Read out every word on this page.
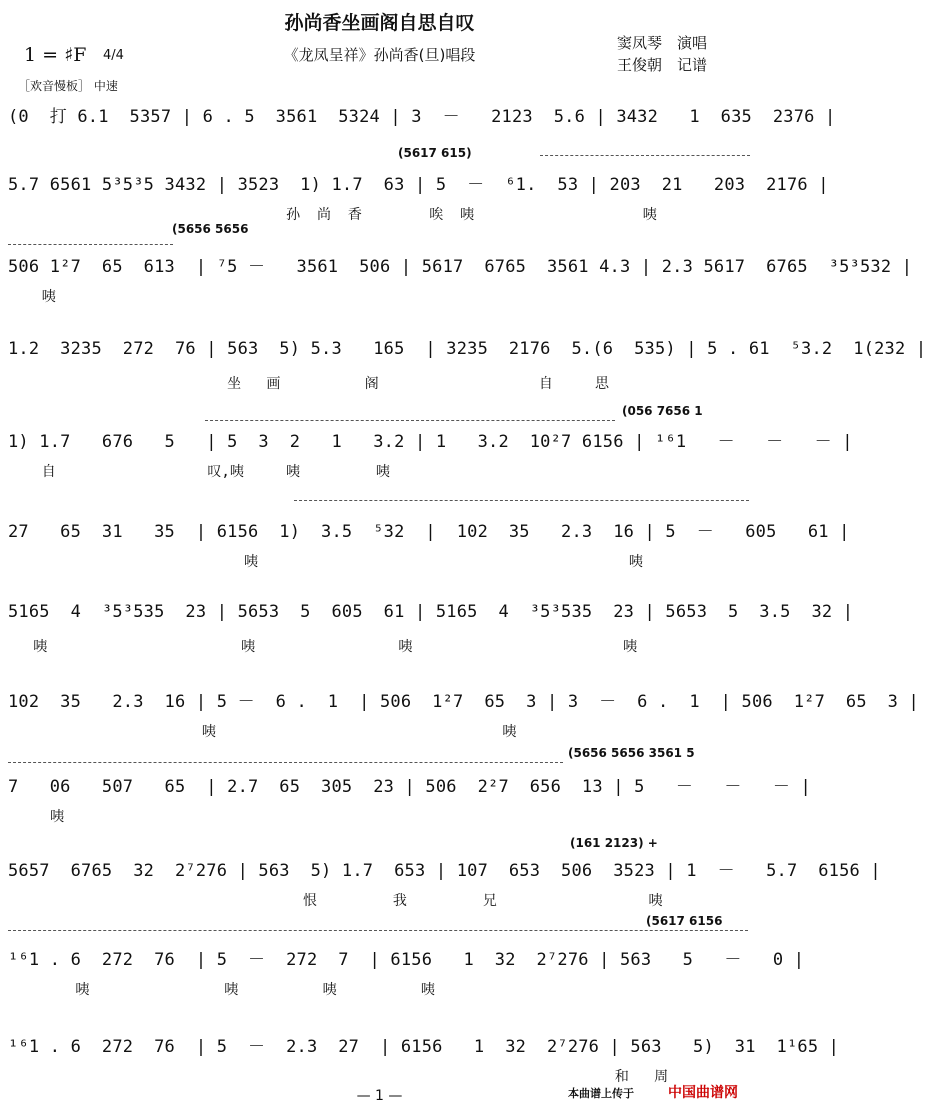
孙尚香坐画阁自思自叹
《龙凤呈祥》孙尚香(旦)唱段
1 = ♯F 4/4
窦凤琴　演唱
王俊朝　记谱
［欢音慢板］ 中速
(5617 615)
(5656 5656
(056 7656 1
(5656 5656 3561 5
(161 2123) +
(5617 6156
(0  打 6.1  5357 | 6 . 5  3561  5324 | 3  －   2123  5.6 | 3432   1  635  2376 |
5.7 6561 5³5³5 3432 | 3523  1) 1.7  63 | 5  －  ⁶1.  53 | 203  21   203  2176 |
孙  尚  香        唉  咦                    咦
506 1²7  65  613  | ⁷5 －   3561  506 | 5617  6765  3561 4.3 | 2.3 5617  6765  ³5³532 |
咦
1.2  3235  272  76 | 563  5) 5.3   165  | 3235  2176  5.(6  535) | 5 . 61  ⁵3.2  1(232 |
坐   画          阁                   自     思
1) 1.7   676   5   | 5  3  2   1   3.2 | 1   3.2  10²7 6156 | ¹⁶1   －   －   － |
自                  叹,咦     咦         咦
27   65  31   35  | 6156  1)  3.5  ⁵32  |  102  35   2.3  16 | 5  －   605   61 |
咦                                            咦
5165  4  ³5³535  23 | 5653  5  605  61 | 5165  4  ³5³535  23 | 5653  5  3.5  32 |
咦                       咦                 咦                         咦
102  35   2.3  16 | 5 －  6 .  1  | 506  1²7  65  3 | 3  －  6 .  1  | 506  1²7  65  3 |
咦                                  咦
7   06   507   65  | 2.7  65  305  23 | 506  2²7  656  13 | 5   －   －   － |
咦
5657  6765  32  2⁷276 | 563  5) 1.7  653 | 107  653  506  3523 | 1  －   5.7  6156 |
恨         我         兄                  咦
¹⁶1 . 6  272  76  | 5  －  272  7  | 6156   1  32  2⁷276 | 563   5   －   0 |
咦                咦          咦          咦
¹⁶1 . 6  272  76  | 5  －  2.3  27  | 6156   1  32  2⁷276 | 563   5)  31  1¹65 |
和   周
— 1 —	本曲谱上传于 中国曲谱网
